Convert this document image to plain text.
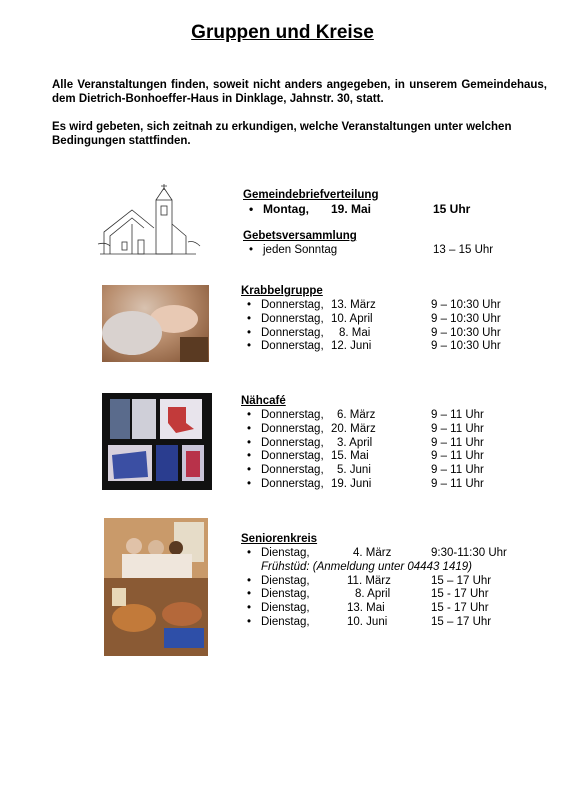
Gruppen und Kreise
Alle Veranstaltungen finden, soweit nicht anders angegeben, in unserem Gemeindehaus, dem Dietrich-Bonhoeffer-Haus in Dinklage, Jahnstr. 30, statt.
Es wird gebeten, sich zeitnah zu erkundigen, welche Veranstaltungen unter welchen Bedingungen stattfinden.
Gemeindebriefverteilung
• Montag, 19. Mai	15 Uhr
Gebetsversammlung
• jeden Sonntag	13 – 15 Uhr
Krabbelgruppe
• Donnerstag, 13. März	9 – 10:30 Uhr
• Donnerstag, 10. April	9 – 10:30 Uhr
• Donnerstag, 8. Mai	9 – 10:30 Uhr
• Donnerstag, 12. Juni	9 – 10:30 Uhr
Nähcafé
• Donnerstag, 6. März	9 – 11 Uhr
• Donnerstag, 20. März	9 – 11 Uhr
• Donnerstag, 3. April	9 – 11 Uhr
• Donnerstag, 15. Mai	9 – 11 Uhr
• Donnerstag, 5. Juni	9 – 11 Uhr
• Donnerstag, 19. Juni	9 – 11 Uhr
Seniorenkreis
• Dienstag,	4. März	9:30-11:30 Uhr
Frühstüd: (Anmeldung unter 04443 1419)
• Dienstag,	11. März	15 – 17 Uhr
• Dienstag,	8. April	15 - 17 Uhr
• Dienstag,	13. Mai	15 - 17 Uhr
• Dienstag,	10. Juni	15 – 17 Uhr
